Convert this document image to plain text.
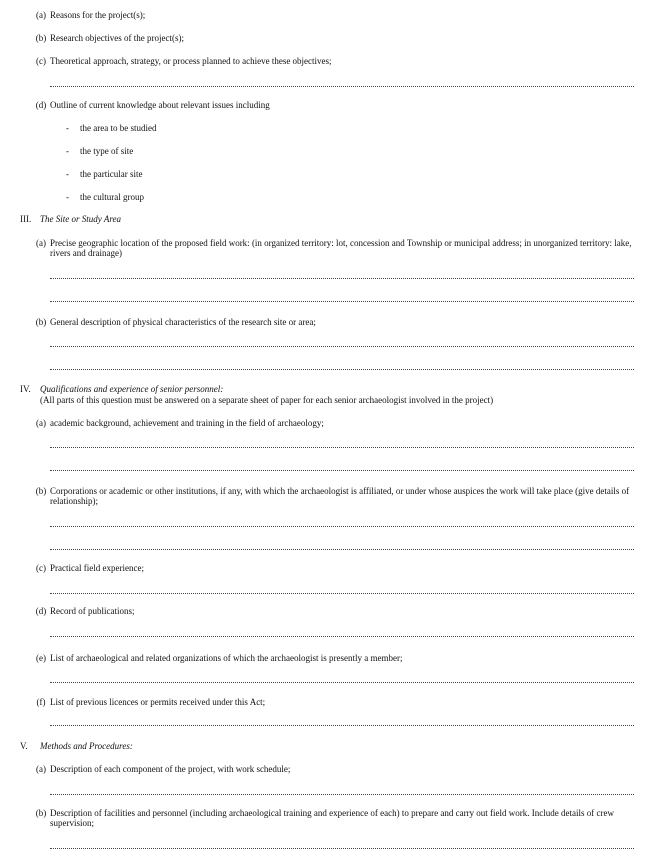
(a) Reasons for the project(s);
(b) Research objectives of the project(s);
(c) Theoretical approach, strategy, or process planned to achieve these objectives;
(d) Outline of current knowledge about relevant issues including
- the area to be studied
- the type of site
- the particular site
- the cultural group
III. The Site or Study Area
(a) Precise geographic location of the proposed field work: (in organized territory: lot, concession and Township or municipal address; in unorganized territory: lake, rivers and drainage)
(b) General description of physical characteristics of the research site or area;
IV. Qualifications and experience of senior personnel:
(All parts of this question must be answered on a separate sheet of paper for each senior archaeologist involved in the project)
(a) academic background, achievement and training in the field of archaeology;
(b) Corporations or academic or other institutions, if any, with which the archaeologist is affiliated, or under whose auspices the work will take place (give details of relationship);
(c) Practical field experience;
(d) Record of publications;
(e) List of archaeological and related organizations of which the archaeologist is presently a member;
(f) List of previous licences or permits received under this Act;
V. Methods and Procedures:
(a) Description of each component of the project, with work schedule;
(b) Description of facilities and personnel (including archaeological training and experience of each) to prepare and carry out field work. Include details of crew supervision;
